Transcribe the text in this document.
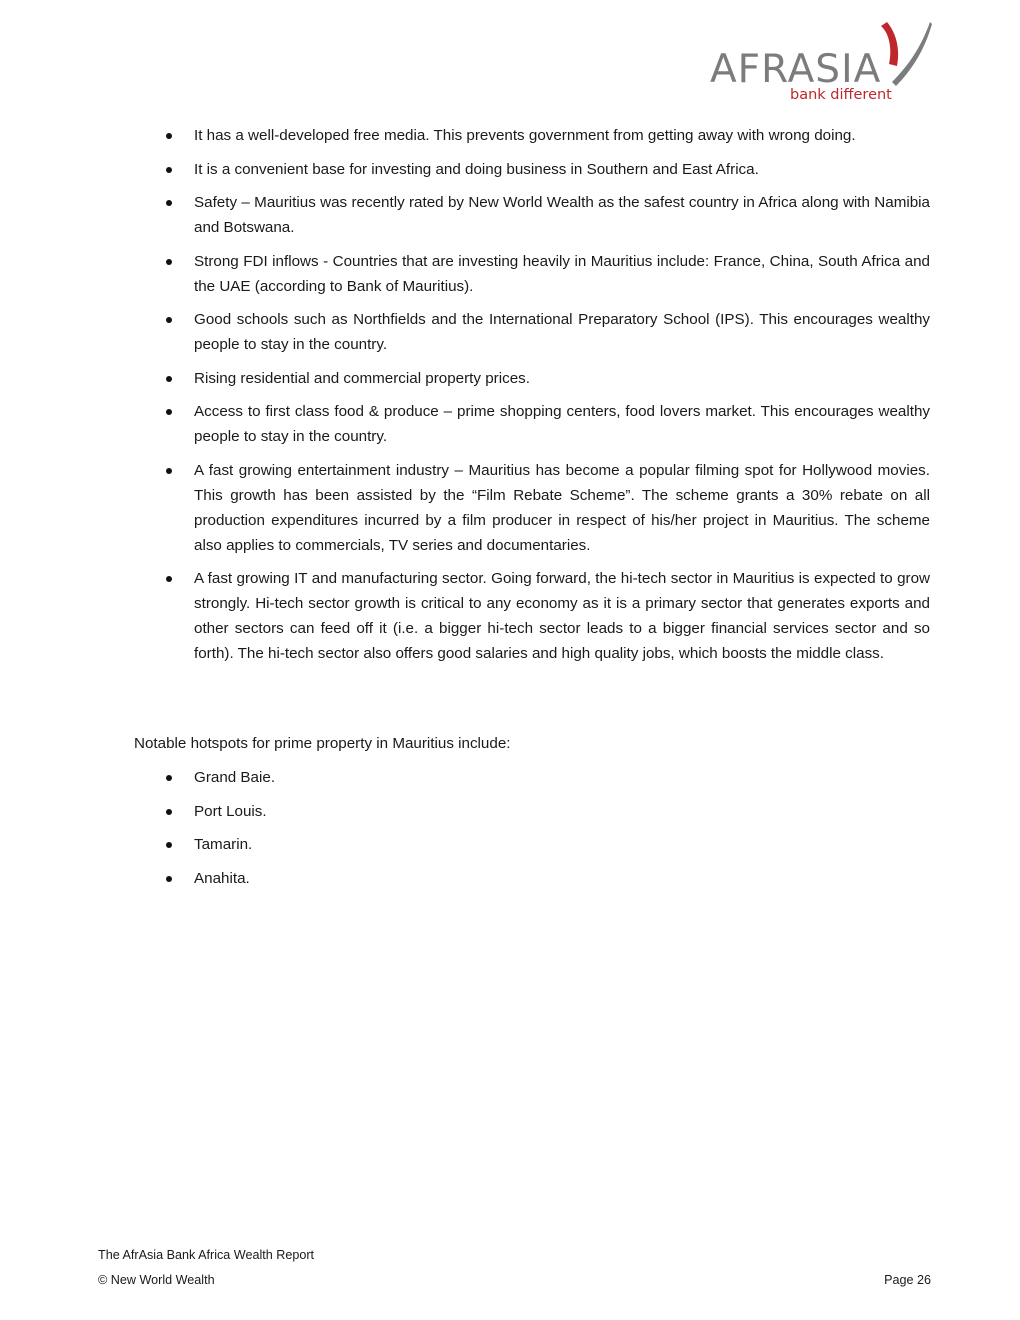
AFRASIA
bank different
It has a well-developed free media. This prevents government from getting away with wrong doing.
It is a convenient base for investing and doing business in Southern and East Africa.
Safety – Mauritius was recently rated by New World Wealth as the safest country in Africa along with Namibia and Botswana.
Strong FDI inflows - Countries that are investing heavily in Mauritius include: France, China, South Africa and the UAE (according to Bank of Mauritius).
Good schools such as Northfields and the International Preparatory School (IPS). This encourages wealthy people to stay in the country.
Rising residential and commercial property prices.
Access to first class food & produce – prime shopping centers, food lovers market. This encourages wealthy people to stay in the country.
A fast growing entertainment industry – Mauritius has become a popular filming spot for Hollywood movies. This growth has been assisted by the “Film Rebate Scheme”. The scheme grants a 30% rebate on all production expenditures incurred by a film producer in respect of his/her project in Mauritius. The scheme also applies to commercials, TV series and documentaries.
A fast growing IT and manufacturing sector. Going forward, the hi-tech sector in Mauritius is expected to grow strongly. Hi-tech sector growth is critical to any economy as it is a primary sector that generates exports and other sectors can feed off it (i.e. a bigger hi-tech sector leads to a bigger financial services sector and so forth). The hi-tech sector also offers good salaries and high quality jobs, which boosts the middle class.

Notable hotspots for prime property in Mauritius include:

Grand Baie.
Port Louis.
Tamarin.
Anahita.

The AfrAsia Bank Africa Wealth Report

© New World Wealth	Page 26
